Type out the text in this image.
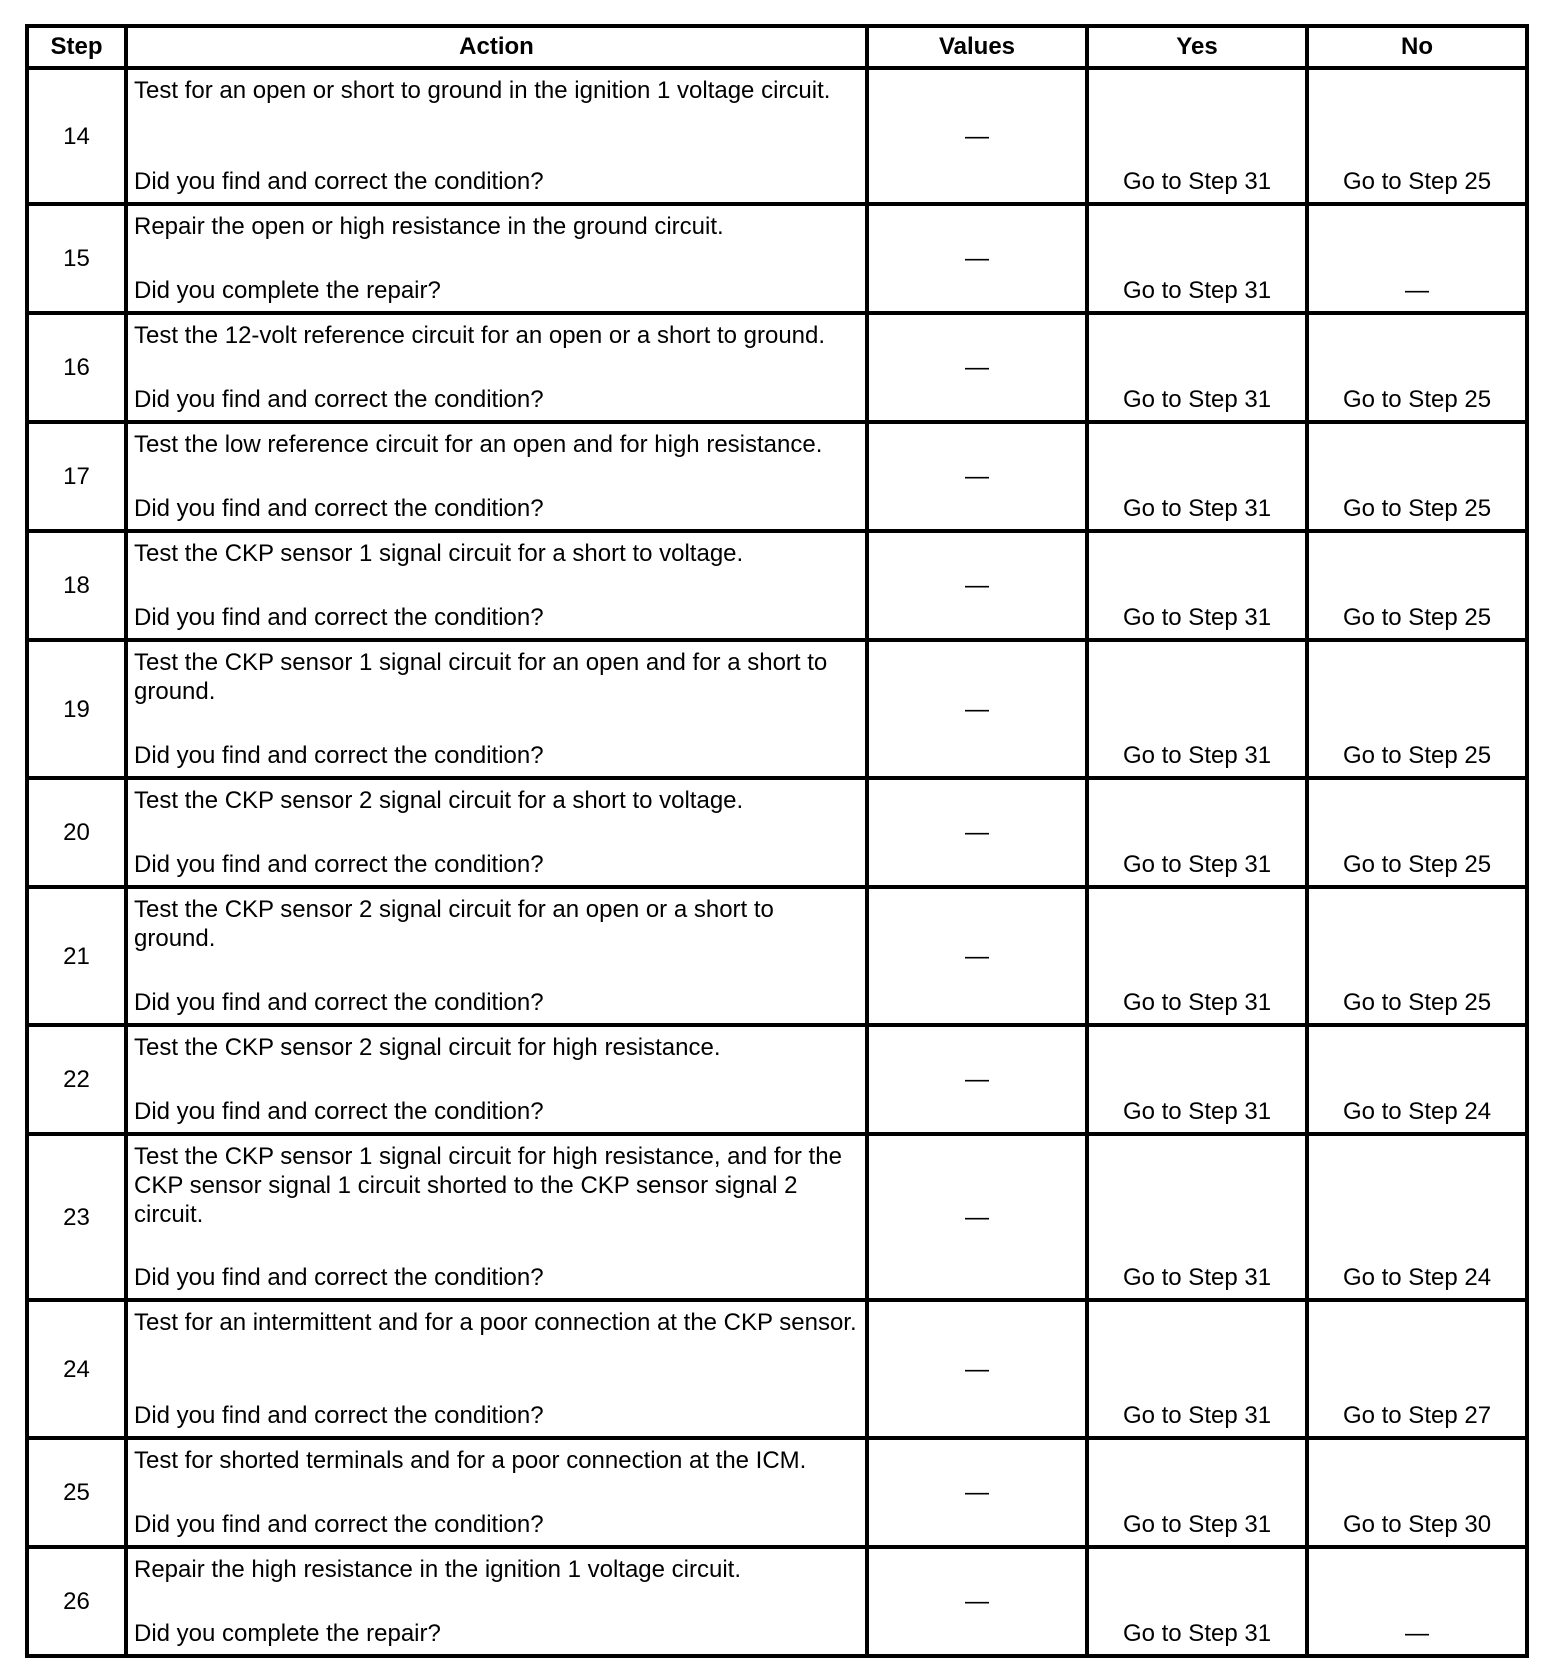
Step	Action	Values	Yes	No
14	Test for an open or short to ground in the ignition 1 voltage circuit.
Did you find and correct the condition?	—	Go to Step 31	Go to Step 25
15	Repair the open or high resistance in the ground circuit.
Did you complete the repair?	—	Go to Step 31	—
16	Test the 12-volt reference circuit for an open or a short to ground.
Did you find and correct the condition?	—	Go to Step 31	Go to Step 25
17	Test the low reference circuit for an open and for high resistance.
Did you find and correct the condition?	—	Go to Step 31	Go to Step 25
18	Test the CKP sensor 1 signal circuit for a short to voltage.
Did you find and correct the condition?	—	Go to Step 31	Go to Step 25
19	Test the CKP sensor 1 signal circuit for an open and for a short to ground.
Did you find and correct the condition?	—	Go to Step 31	Go to Step 25
20	Test the CKP sensor 2 signal circuit for a short to voltage.
Did you find and correct the condition?	—	Go to Step 31	Go to Step 25
21	Test the CKP sensor 2 signal circuit for an open or a short to ground.
Did you find and correct the condition?	—	Go to Step 31	Go to Step 25
22	Test the CKP sensor 2 signal circuit for high resistance.
Did you find and correct the condition?	—	Go to Step 31	Go to Step 24
23	Test the CKP sensor 1 signal circuit for high resistance, and for the CKP sensor signal 1 circuit shorted to the CKP sensor signal 2 circuit.
Did you find and correct the condition?	—	Go to Step 31	Go to Step 24
24	Test for an intermittent and for a poor connection at the CKP sensor.
Did you find and correct the condition?	—	Go to Step 31	Go to Step 27
25	Test for shorted terminals and for a poor connection at the ICM.
Did you find and correct the condition?	—	Go to Step 31	Go to Step 30
26	Repair the high resistance in the ignition 1 voltage circuit.
Did you complete the repair?	—	Go to Step 31	—
